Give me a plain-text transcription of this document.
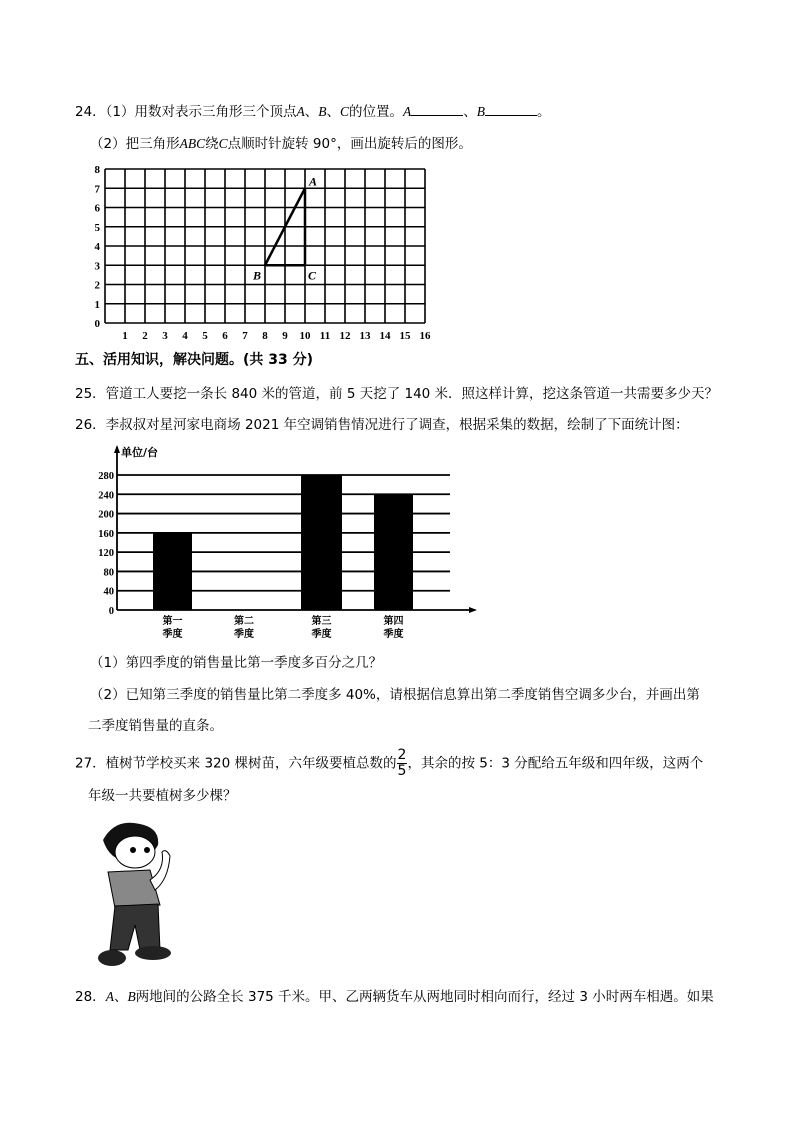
24．（1）用数对表示三角形三个顶点A、B、C的位置。A	、B	。
（2）把三角形ABC绕C点顺时针旋转 90°，画出旋转后的图形。
1 2 3 4 5 6 7 8 9 10 11 12 13 14 15 16
0
1
2
3
4
5
6
7
8
A
B	C
五、活用知识，解决问题。(共 33 分)
25．管道工人要挖一条长 840 米的管道，前 5 天挖了 140 米．照这样计算，挖这条管道一共需要多少天？
26．李叔叔对星河家电商场 2021 年空调销售情况进行了调查，根据采集的数据，绘制了下面统计图：
单位/台
0
40
80
120
160
200
240
280
第一
季度
第二
季度
第三
季度
第四
季度
（1）第四季度的销售量比第一季度多百分之几？
（2）已知第三季度的销售量比第二季度多 40%，请根据信息算出第二季度销售空调多少台，并画出第
二季度销售量的直条。
27．植树节学校买来 320 棵树苗，六年级要植总数的 $\frac{2}{5}$ ，其余的按 5：3 分配给五年级和四年级，这两个
年级一共要植树多少棵？
28．A、B两地间的公路全长 375 千米。甲、乙两辆货车从两地同时相向而行，经过 3 小时两车相遇。如果
